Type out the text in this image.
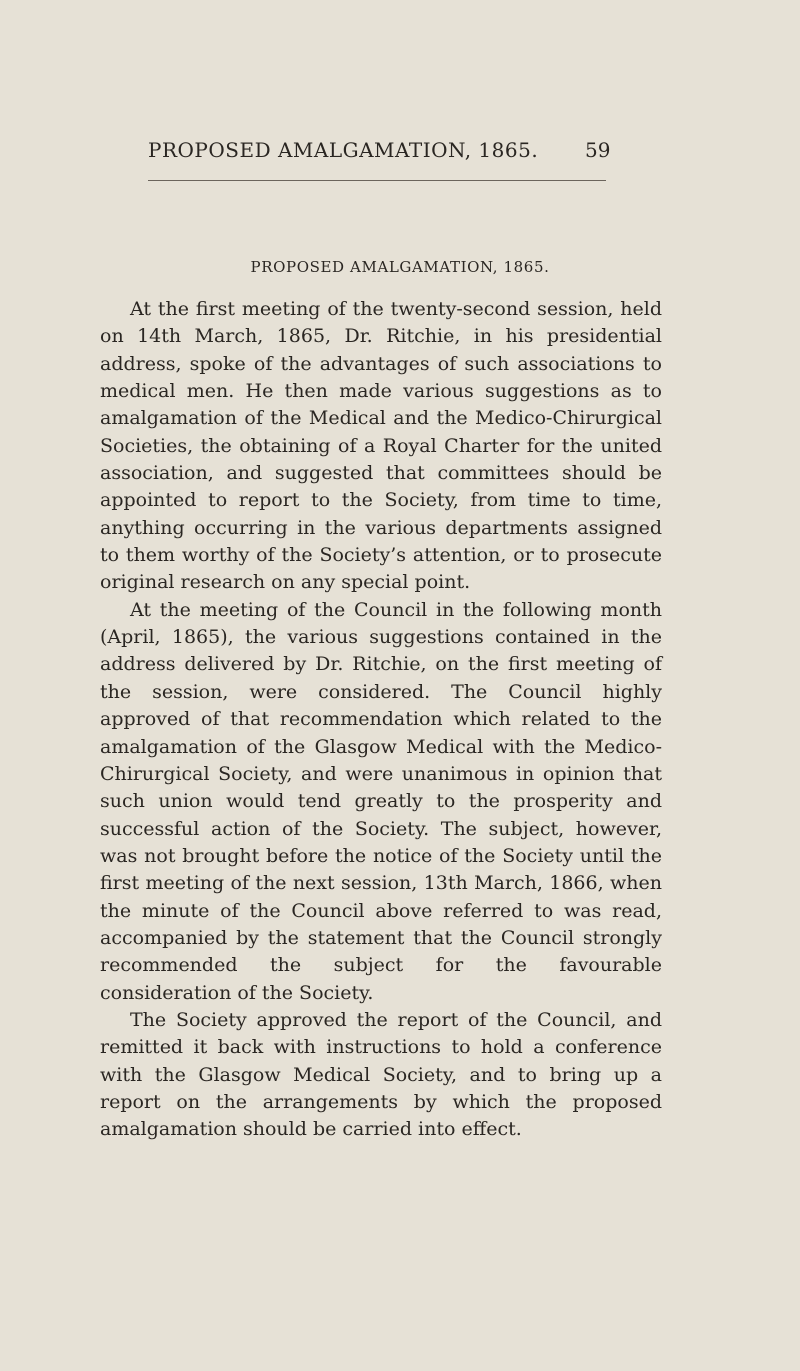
PROPOSED AMALGAMATION, 1865. 59
PROPOSED AMALGAMATION, 1865.

At the first meeting of the twenty-second session, held on 14th March, 1865, Dr. Ritchie, in his presidential address, spoke of the advantages of such associations to medical men. He then made various suggestions as to amalgamation of the Medical and the Medico-Chirurgical Societies, the obtaining of a Royal Charter for the united association, and suggested that committees should be appointed to report to the Society, from time to time, anything occurring in the various departments assigned to them worthy of the Society’s attention, or to prosecute original research on any special point.

At the meeting of the Council in the following month (April, 1865), the various suggestions contained in the address delivered by Dr. Ritchie, on the first meeting of the session, were considered. The Council highly approved of that recommendation which related to the amalgamation of the Glasgow Medical with the Medico-Chirurgical Society, and were unanimous in opinion that such union would tend greatly to the prosperity and successful action of the Society. The subject, however, was not brought before the notice of the Society until the first meeting of the next session, 13th March, 1866, when the minute of the Council above referred to was read, accompanied by the statement that the Council strongly recommended the subject for the favourable consideration of the Society.

The Society approved the report of the Council, and remitted it back with instructions to hold a conference with the Glasgow Medical Society, and to bring up a report on the arrangements by which the proposed amalgamation should be carried into effect.
